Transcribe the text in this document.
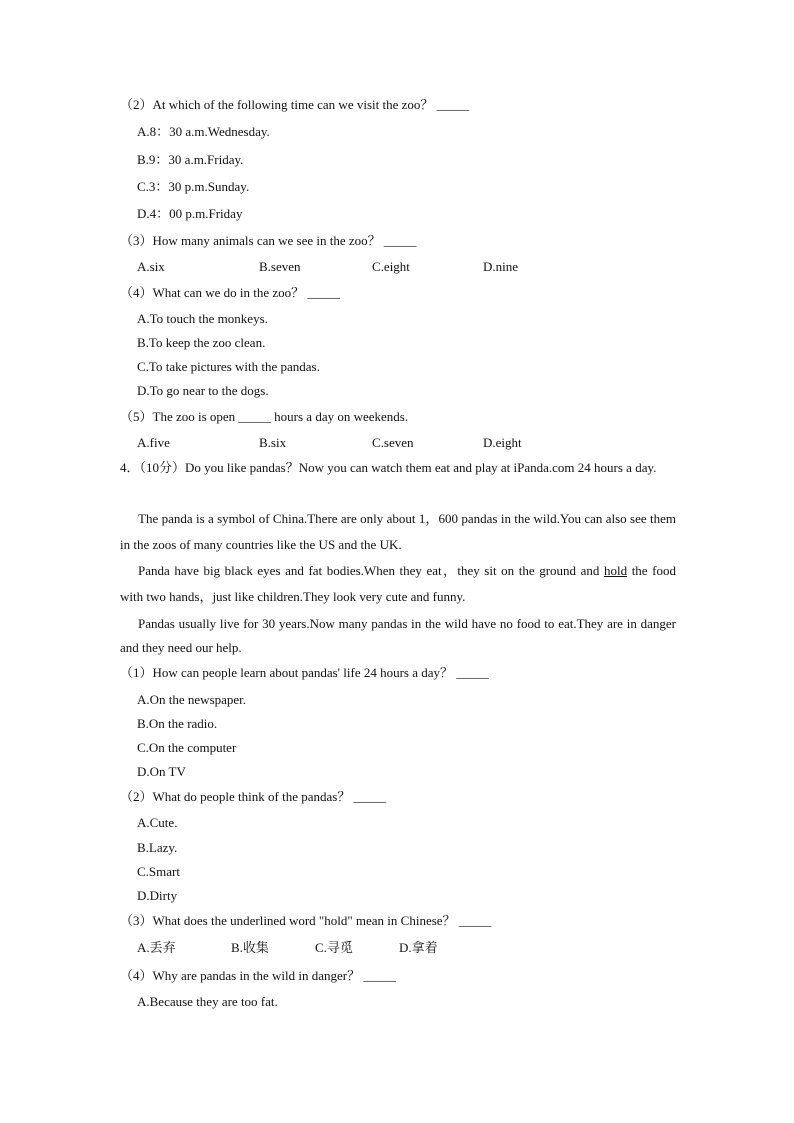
（2）At which of the following time can we visit the zoo？ _____
A.8：30 a.m.Wednesday.
B.9：30 a.m.Friday.
C.3：30 p.m.Sunday.
D.4：00 p.m.Friday
（3）How many animals can we see in the zoo？ _____
A.six	B.seven	C.eight	D.nine
（4）What can we do in the zoo？ _____
A.To touch the monkeys.
B.To keep the zoo clean.
C.To take pictures with the pandas.
D.To go near to the dogs.
（5）The zoo is open _____ hours a day on weekends.
A.five	B.six	C.seven	D.eight
4．（10分）Do you like pandas？Now you can watch them eat and play at iPanda.com 24 hours a day.
The panda is a symbol of China.There are only about 1，600 pandas in the wild.You can also see them in the zoos of many countries like the US and the UK.
Panda have big black eyes and fat bodies.When they eat，they sit on the ground and hold the food with two hands，just like children.They look very cute and funny.
Pandas usually live for 30 years.Now many pandas in the wild have no food to eat.They are in danger and they need our help.
（1）How can people learn about pandas' life 24 hours a day？ _____
A.On the newspaper.
B.On the radio.
C.On the computer
D.On TV
（2）What do people think of the pandas？ _____
A.Cute.
B.Lazy.
C.Smart
D.Dirty
（3）What does the underlined word "hold" mean in Chinese？ _____
A.丢弃	B.收集	C.寻觅	D.拿着
（4）Why are pandas in the wild in danger？ _____
A.Because they are too fat.
